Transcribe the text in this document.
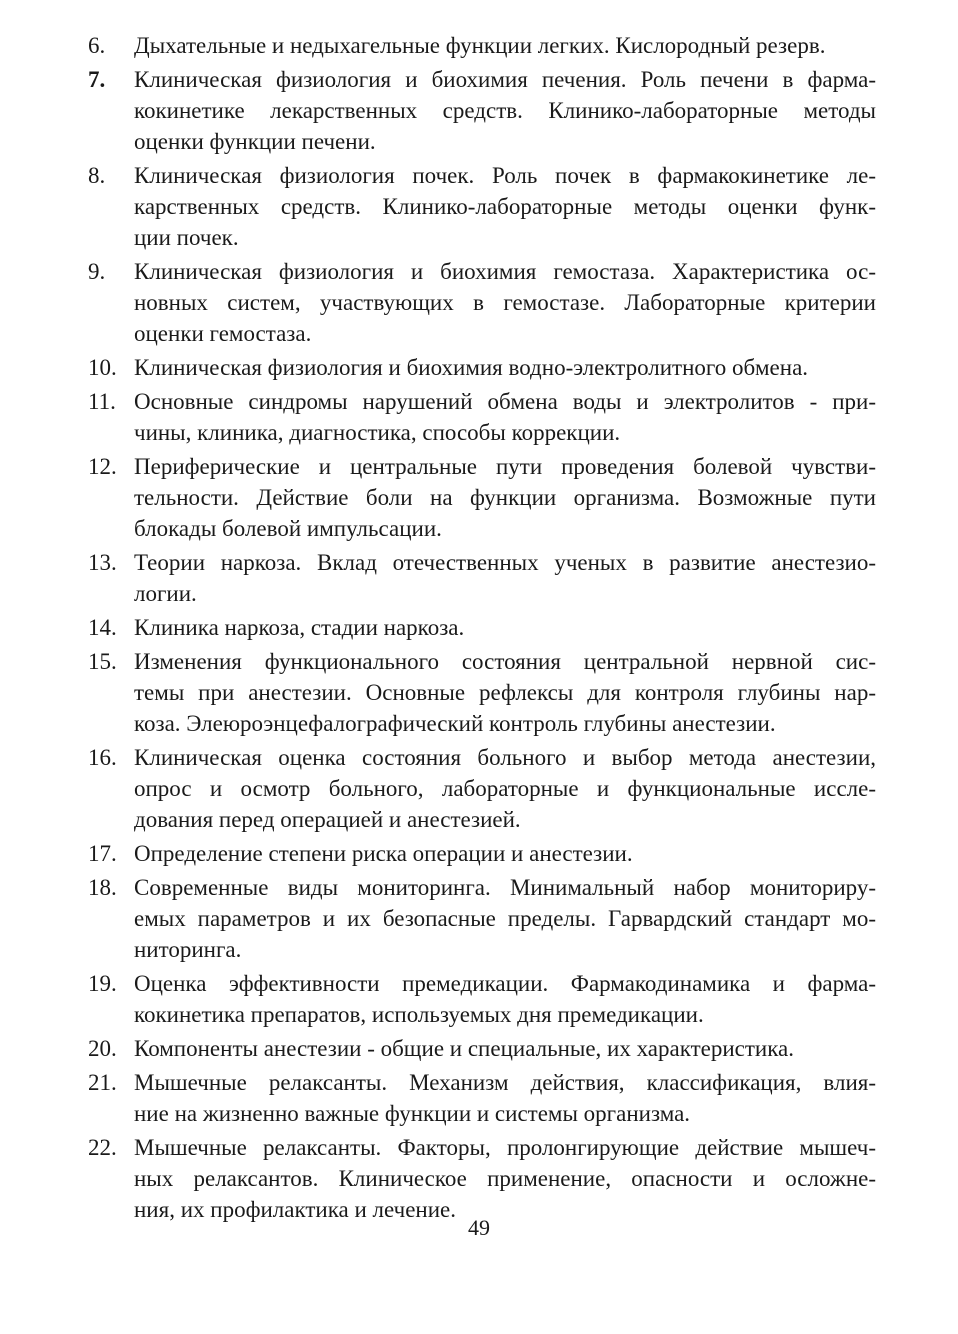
6.	Дыхательные и недыхагельные функции легких. Кислородный резерв.
7.	Клиническая физиология и биохимия печения. Роль печени в фарма-
кокинетике лекарственных средств. Клинико-лабораторные методы
оценки функции печени.
8.	Клиническая физиология почек. Роль почек в фармакокинетике ле-
карственных средств. Клинико-лабораторные методы оценки функ-
ции почек.
9.	Клиническая физиология и биохимия гемостаза. Характеристика ос-
новных систем, участвующих в гемостазе. Лабораторные критерии
оценки гемостаза.
10. Клиническая физиология и биохимия водно-электролитного обмена.
11. Основные синдромы нарушений обмена воды и электролитов - при-
чины, клиника, диагностика, способы коррекции.
12. Периферические и центральные пути проведения болевой чувстви-
тельности. Действие боли на функции организма. Возможные пути
блокады болевой импульсации.
13. Теории наркоза. Вклад отечественных ученых в развитие анестезио-
логии.
14. Клиника наркоза, стадии наркоза.
15. Изменения функционального состояния центральной нервной сис-
темы при анестезии. Основные рефлексы для контроля глубины нар-
коза. Элеюроэнцефалографический контроль глубины анестезии.
16. Клиническая оценка состояния больного и выбор метода анестезии,
опрос и осмотр больного, лабораторные и функциональные иссле-
дования перед операцией и анестезией.
17. Определение степени риска операции и анестезии.
18. Современные виды мониторинга. Минимальный набор мониториру-
емых параметров и их безопасные пределы. Гарвардский стандарт мо-
ниторинга.
19. Оценка эффективности премедикации. Фармакодинамика и фарма-
кокинетика препаратов, используемых дня премедикации.
20. Компоненты анестезии - общие и специальные, их характеристика.
21. Мышечные релаксанты. Механизм действия, классификация, влия-
ние на жизненно важные функции и системы организма.
22. Мышечные релаксанты. Факторы, пролонгирующие действие мышеч-
ных релаксантов. Клиническое применение, опасности и осложне-
ния, их профилактика и лечение.
49
